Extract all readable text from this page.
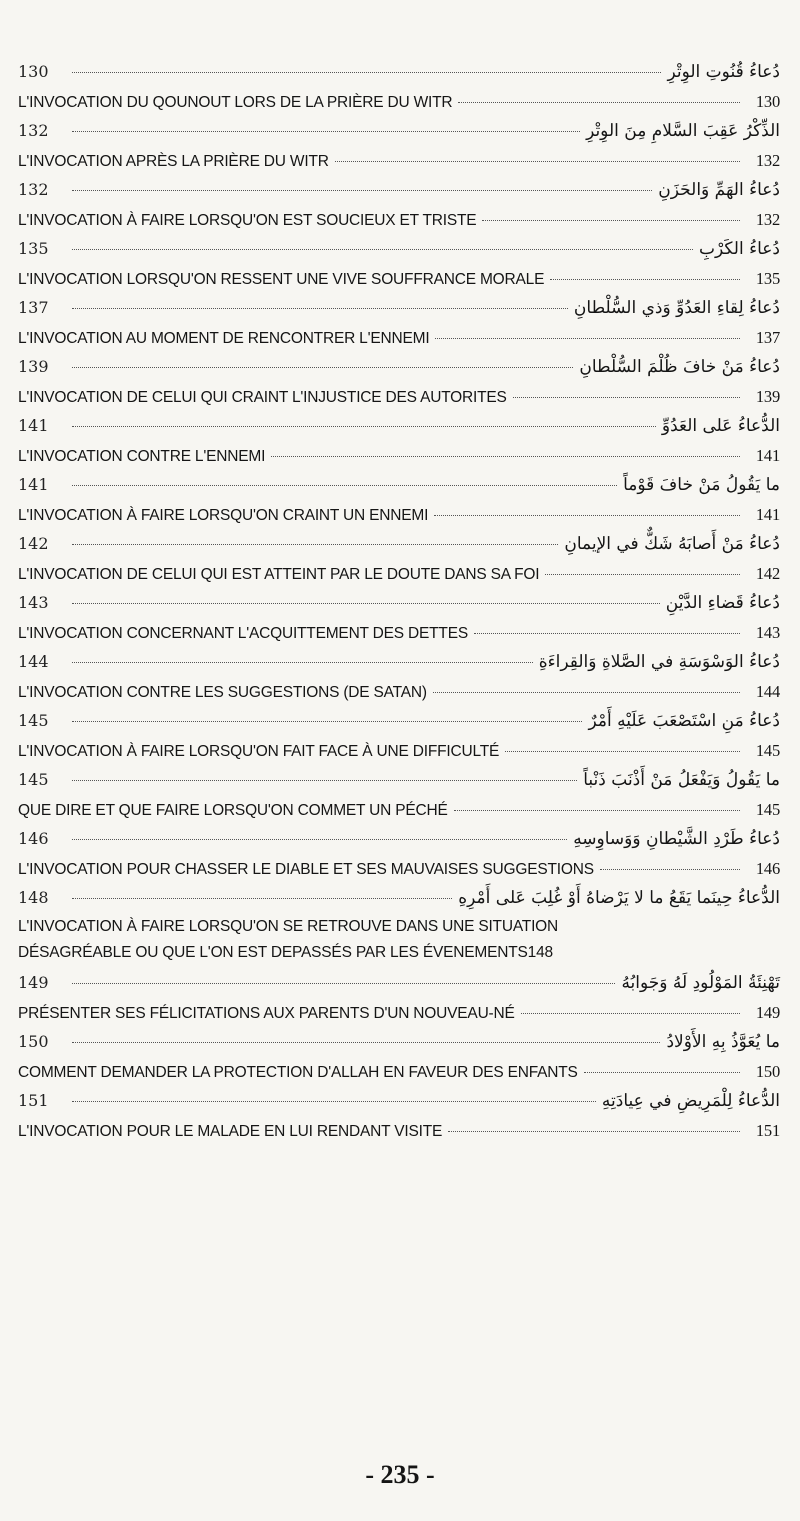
130	دُعاءُ قُنُوتِ الوِتْرِ
L'INVOCATION DU QOUNOUT LORS DE LA PRIÈRE DU WITR	130
132	الذِّكْرُ عَقِبَ السَّلامِ مِنَ الوِتْرِ
L'INVOCATION APRÈS LA PRIÈRE DU WITR	132
132	دُعاءُ الهَمِّ وَالحَزَنِ
L'INVOCATION À FAIRE LORSQU'ON EST SOUCIEUX ET TRISTE	132
135	دُعاءُ الكَرْبِ
L'INVOCATION LORSQU'ON RESSENT UNE VIVE SOUFFRANCE MORALE	135
137	دُعاءُ لِقاءِ العَدُوِّ وَذي السُّلْطانِ
L'INVOCATION AU MOMENT DE RENCONTRER L'ENNEMI	137
139	دُعاءُ مَنْ خافَ ظُلْمَ السُّلْطانِ
L'INVOCATION DE CELUI QUI CRAINT L'INJUSTICE DES AUTORITES	139
141	الدُّعاءُ عَلى العَدُوِّ
L'INVOCATION CONTRE L'ENNEMI	141
141	ما يَقُولُ مَنْ خافَ قَوْماً
L'INVOCATION À FAIRE LORSQU'ON CRAINT UN ENNEMI	141
142	دُعاءُ مَنْ أَصابَهُ شَكٌّ في الإيمانِ
L'INVOCATION DE CELUI QUI EST ATTEINT PAR LE DOUTE DANS SA FOI	142
143	دُعاءُ قَضاءِ الدَّيْنِ
L'INVOCATION CONCERNANT L'ACQUITTEMENT DES DETTES	143
144	دُعاءُ الوَسْوَسَةِ في الصَّلاةِ وَالقِراءَةِ
L'INVOCATION CONTRE LES SUGGESTIONS (DE SATAN)	144
145	دُعاءُ مَنِ اسْتَصْعَبَ عَلَيْهِ أَمْرٌ
L'INVOCATION À FAIRE LORSQU'ON FAIT FACE À UNE DIFFICULTÉ	145
145	ما يَقُولُ وَيَفْعَلُ مَنْ أَذْنَبَ ذَنْباً
QUE DIRE ET QUE FAIRE LORSQU'ON COMMET UN PÉCHÉ	145
146	دُعاءُ طَرْدِ الشَّيْطانِ وَوَساوِسِهِ
L'INVOCATION POUR CHASSER LE DIABLE ET SES MAUVAISES SUGGESTIONS	146
148	الدُّعاءُ حِينَما يَقَعُ ما لا يَرْضاهُ أَوْ غُلِبَ عَلى أَمْرِهِ
L'INVOCATION À FAIRE LORSQU'ON SE RETROUVE DANS UNE SITUATION
DÉSAGRÉABLE OU QUE L'ON EST DEPASSÉS PAR LES ÉVENEMENTS 148
149	تَهْنِئَةُ المَوْلُودِ لَهُ وَجَوابُهُ
PRÉSENTER SES FÉLICITATIONS AUX PARENTS D'UN NOUVEAU-NÉ	149
150	ما يُعَوَّذُ بِهِ الأَوْلادُ
COMMENT DEMANDER LA PROTECTION D'ALLAH EN FAVEUR DES ENFANTS	150
151	الدُّعاءُ لِلْمَرِيضِ في عِيادَتِهِ
L'INVOCATION POUR LE MALADE EN LUI RENDANT VISITE	151
- 235 -
